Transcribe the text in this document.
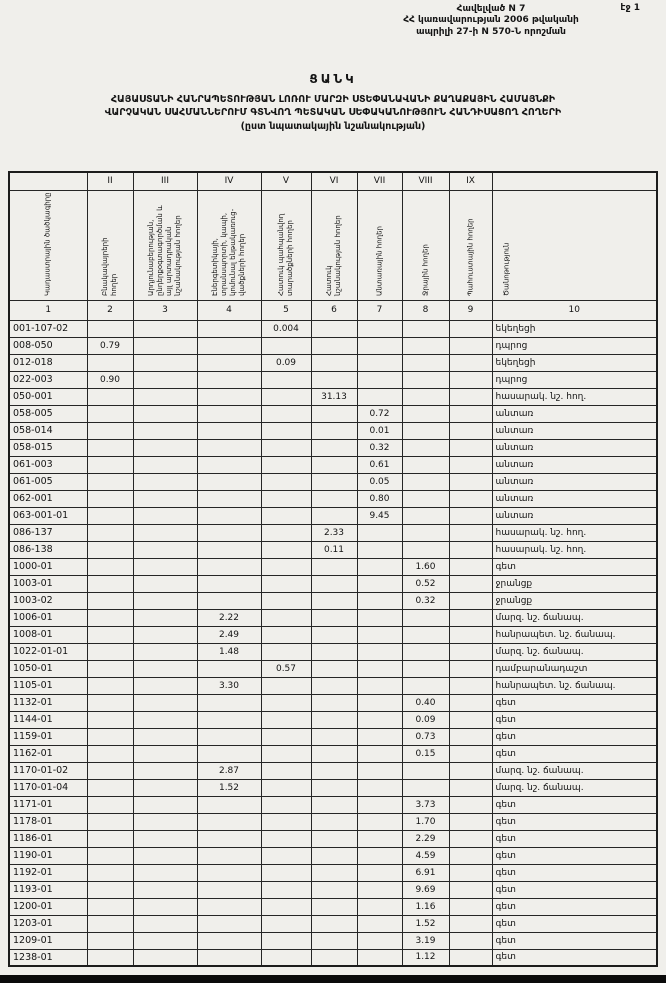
էջ 1
Հավելված N 7
ՀՀ կառավարության 2006 թվականի
ապրիլի 27-ի N 570-Ն որոշման
ՑԱՆԿ
ՀԱՅԱՍՏԱՆԻ ՀԱՆՐԱՊԵՏՈՒԹՅԱՆ ԼՈՌՈՒ ՄԱՐԶԻ ՍՏԵՓԱՆԱՎԱՆԻ ՔԱՂԱՔԱՅԻՆ ՀԱՄԱՅՆՔԻ
ՎԱՐՉԱԿԱՆ ՍԱՀՄԱՆՆԵՐՈՒՄ ԳՏՆՎՈՂ ՊԵՏԱԿԱՆ ՍԵՓԱԿԱՆՈՒԹՅՈՒՆ ՀԱՆԴԻՍԱՑՈՂ ՀՈՂԵՐԻ
(ըստ նպատակային նշանակության)
	II	III	IV	V	VI	VII	VIII	IX	

Կադաստրային ծածկագիրը	Բնակավայրերի հողեր	Արդյունաբերության, ընդերքօգտագործման և այլ արտադրական նշանակության հողեր	Էներգետիկայի, տրանսպորտի, կապի, կոմունալ ենթակառուց- վածքների հողեր	Հատուկ պահպանվող տարածքների հողեր	Հատուկ նշանակության հողեր	Անտառային հողեր	Ջրային հողեր	Պահուստային հողեր	Ծանոթություն

1	2	3	4	5	6	7	8	9	10
001-107-02				0.004					եկեղեցի
008-050	0.79								դպրոց
012-018				0.09					եկեղեցի
022-003	0.90								դպրոց
050-001					31.13				հասարակ. նշ. հող.
058-005						0.72			անտառ
058-014						0.01			անտառ
058-015						0.32			անտառ
061-003						0.61			անտառ
061-005						0.05			անտառ
062-001						0.80			անտառ
063-001-01						9.45			անտառ
086-137					2.33				հասարակ. նշ. հող.
086-138					0.11				հասարակ. նշ. հող.
1000-01							1.60		գետ
1003-01							0.52		ջրանցք
1003-02							0.32		ջրանցք
1006-01			2.22						մարզ. նշ. ճանապ.
1008-01			2.49						հանրապետ. նշ. ճանապ.
1022-01-01			1.48						մարզ. նշ. ճանապ.
1050-01				0.57					դամբարանադաշտ
1105-01			3.30						հանրապետ. նշ. ճանապ.
1132-01							0.40		գետ
1144-01							0.09		գետ
1159-01							0.73		գետ
1162-01							0.15		գետ
1170-01-02			2.87						մարզ. նշ. ճանապ.
1170-01-04			1.52						մարզ. նշ. ճանապ.
1171-01							3.73		գետ
1178-01							1.70		գետ
1186-01							2.29		գետ
1190-01							4.59		գետ
1192-01							6.91		գետ
1193-01							9.69		գետ
1200-01							1.16		գետ
1203-01							1.52		գետ
1209-01							3.19		գետ
1238-01							1.12		գետ
